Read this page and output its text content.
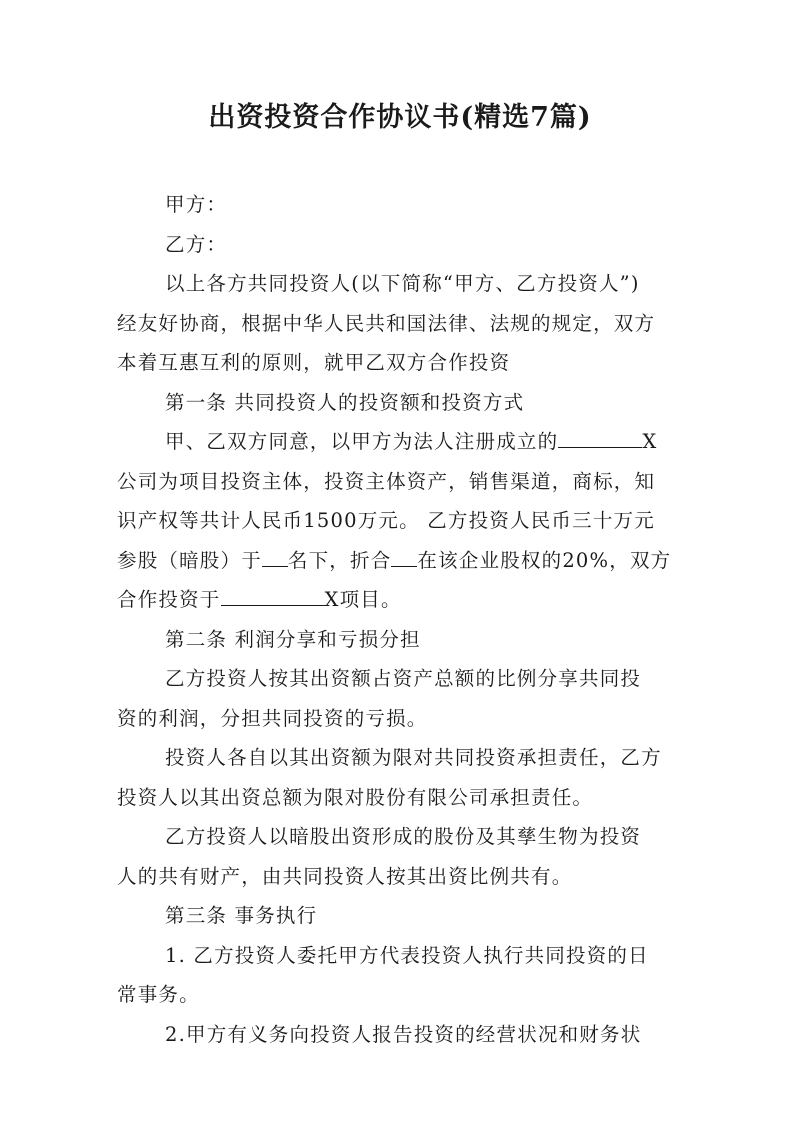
出资投资合作协议书(精选7篇)
甲方：
乙方：
以上各方共同投资人(以下简称“甲方、乙方投资人”)
经友好协商，根据中华人民共和国法律、法规的规定，双方
本着互惠互利的原则，就甲乙双方合作投资
第一条 共同投资人的投资额和投资方式
甲、乙双方同意，以甲方为法人注册成立的	X
公司为项目投资主体，投资主体资产，销售渠道，商标，知
识产权等共计人民币1500万元。 乙方投资人民币三十万元
参股（暗股）于 名下，折合 在该企业股权的20%，双方
合作投资于	X项目。
第二条 利润分享和亏损分担
乙方投资人按其出资额占资产总额的比例分享共同投
资的利润，分担共同投资的亏损。
投资人各自以其出资额为限对共同投资承担责任，乙方
投资人以其出资总额为限对股份有限公司承担责任。
乙方投资人以暗股出资形成的股份及其孳生物为投资
人的共有财产，由共同投资人按其出资比例共有。
第三条 事务执行
1. 乙方投资人委托甲方代表投资人执行共同投资的日
常事务。
2.甲方有义务向投资人报告投资的经营状况和财务状
